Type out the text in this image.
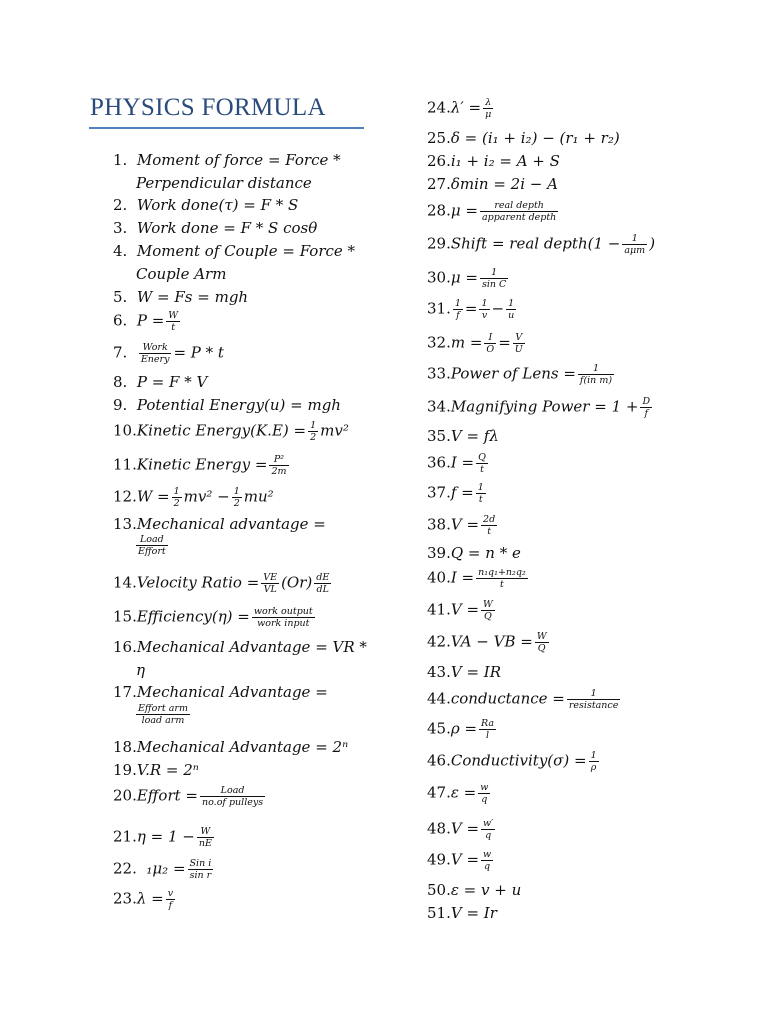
PHYSICS FORMULA
1. Moment of force = Force *
Perpendicular distance
2. Work done(τ) = F * S
3. Work done = F * S cosθ
4. Moment of Couple = Force *
Couple Arm
5. W = Fs = mgh
6. $P = \frac{W}{t}$
7.	Work
Enery = P * t
8. P = F * V
9. Potential Energy(u) = mgh
10.Kinetic Energy(K.E) = $\frac{1}{2} mv^2$
11.Kinetic Energy = $\frac{\text{P²}}{2m}$
$12.W = \frac{1}{2} mv^2 - \frac{1}{2} mu^2$
13.Mechanical advantage =
Load
Effort
14.Velocity Ratio = $\frac{VE}{VL} (Or) \frac{dE}{dL}$
15.Efficiency(η) = work output
work input
16.Mechanical Advantage = VR *
η
17.Mechanical Advantage =
Effort arm
load arm
18.Mechanical Advantage = 2ⁿ
19.V.R = 2ⁿ
20.Effort =	Load
no.of pulleys
$21.\eta = 1 - \frac{W}{nE}$
22. ₁μ₂ = Sin i
sin r
$23.\lambda = \frac{v}{f}$
$24.\lambda' = \frac{\lambda}{\mu}$
25.δ = (i₁ + i₂) − (r₁ + r₂)
26.i₁ + i₂ = A + S
27.δmin = 2i − A
28.μ =	real depth
apparent depth
29.Shift = real depth(1 −	1
aμm )
$30.\mu = \frac{1}{\text{sin C}}$
31. $\frac{1}{f} = \frac{1}{v} - \frac{1}{u}$
$32.m = \frac{I}{O} = \frac{V}{U}$
33.Power of Lens = $\frac{1}{\text{f(in m)}}$
34.Magnifying Power = $1 + \frac{D}{f}$
35.V = fλ
$36.I = \frac{Q}{t}$
$37.f = \frac{1}{t}$
$38.V = \frac{2d}{t}$
39.Q = n * e
$40.I = \frac{\text{n₁q₁+n₂q₂}}{t}$
$41.V = \frac{W}{Q}$
42.VA − VB = $\frac{W}{Q}$
43.V = IR
44.conductance =	1
resistance
$45.\rho = \frac{Ra}{l}$
46.Conductivity(σ) = $\frac{1}{\rho}$
$47.\varepsilon = \frac{w}{q}$
$48.V = \frac{w'}{q}$
$49.V = \frac{w}{q}$
50.ε = v + u
51.V = Ir
